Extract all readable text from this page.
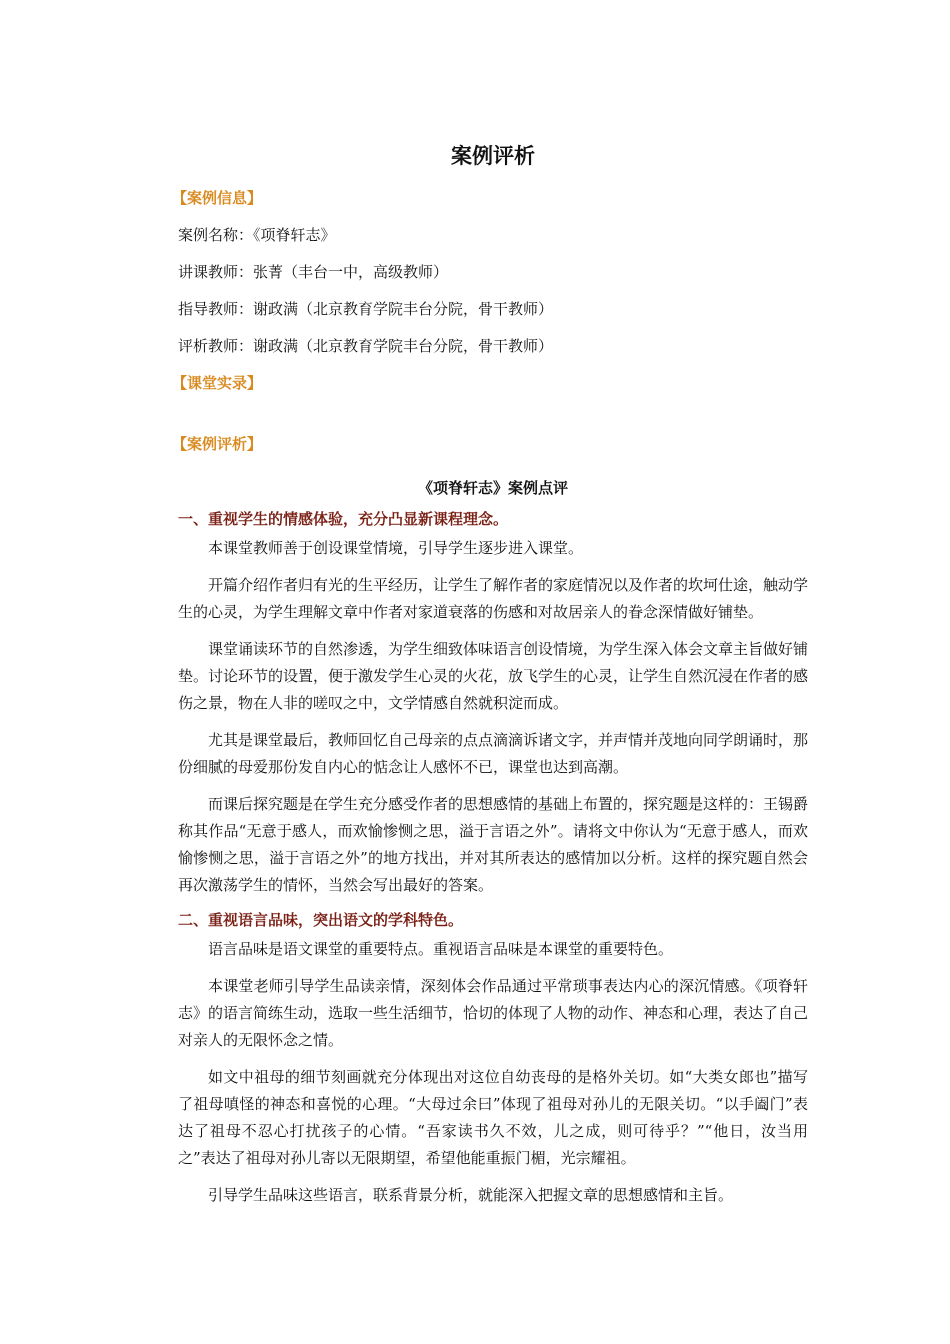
案例评析
【案例信息】

案例名称：《项脊轩志》

讲课教师：张菁（丰台一中，高级教师）

指导教师：谢政满（北京教育学院丰台分院，骨干教师）

评析教师：谢政满（北京教育学院丰台分院，骨干教师）

【课堂实录】
【案例评析】
《项脊轩志》案例点评
一、重视学生的情感体验，充分凸显新课程理念。

本课堂教师善于创设课堂情境，引导学生逐步进入课堂。

开篇介绍作者归有光的生平经历，让学生了解作者的家庭情况以及作者的坎坷仕途，触动学生的心灵，为学生理解文章中作者对家道衰落的伤感和对故居亲人的眷念深情做好铺垫。

课堂诵读环节的自然渗透，为学生细致体味语言创设情境，为学生深入体会文章主旨做好铺垫。讨论环节的设置，便于激发学生心灵的火花，放飞学生的心灵，让学生自然沉浸在作者的感伤之景，物在人非的嗟叹之中，文学情感自然就积淀而成。

尤其是课堂最后，教师回忆自己母亲的点点滴滴诉诸文字，并声情并茂地向同学朗诵时，那份细腻的母爱那份发自内心的惦念让人感怀不已，课堂也达到高潮。

而课后探究题是在学生充分感受作者的思想感情的基础上布置的，探究题是这样的：王锡爵称其作品“无意于感人，而欢愉惨恻之思，溢于言语之外”。请将文中你认为“无意于感人，而欢愉惨恻之思，溢于言语之外”的地方找出，并对其所表达的感情加以分析。这样的探究题自然会再次激荡学生的情怀，当然会写出最好的答案。

二、重视语言品味，突出语文的学科特色。

语言品味是语文课堂的重要特点。重视语言品味是本课堂的重要特色。

本课堂老师引导学生品读亲情，深刻体会作品通过平常琐事表达内心的深沉情感。《项脊轩志》的语言简练生动，选取一些生活细节，恰切的体现了人物的动作、神态和心理，表达了自己对亲人的无限怀念之情。

如文中祖母的细节刻画就充分体现出对这位自幼丧母的是格外关切。如“大类女郎也”描写了祖母嗔怪的神态和喜悦的心理。“大母过余曰”体现了祖母对孙儿的无限关切。“以手阖门”表达了祖母不忍心打扰孩子的心情。“吾家读书久不效，儿之成，则可待乎？”“他日，汝当用之”表达了祖母对孙儿寄以无限期望，希望他能重振门楣，光宗耀祖。

引导学生品味这些语言，联系背景分析，就能深入把握文章的思想感情和主旨。
